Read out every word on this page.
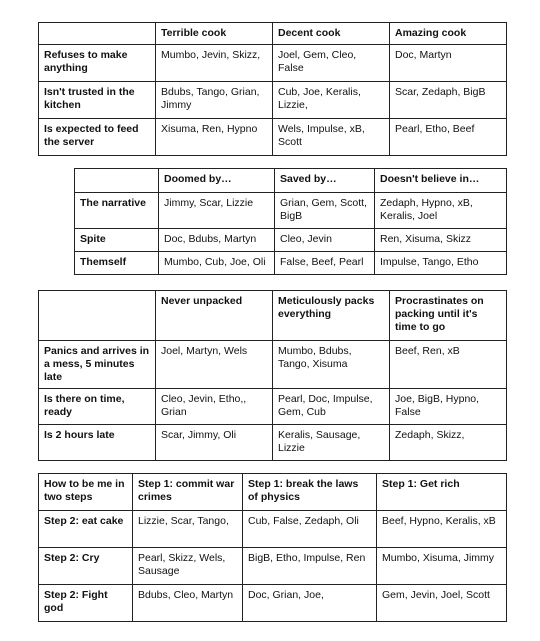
	Terrible cook	Decent cook	Amazing cook
Refuses to make anything	Mumbo, Jevin, Skizz,	Joel, Gem, Cleo, False	Doc, Martyn
Isn't trusted in the kitchen	Bdubs, Tango, Grian, Jimmy	Cub, Joe, Keralis, Lizzie,	Scar, Zedaph, BigB
Is expected to feed the server	Xisuma, Ren, Hypno	Wels, Impulse, xB, Scott	Pearl, Etho, Beef
	Doomed by…	Saved by…	Doesn't believe in…
The narrative	Jimmy, Scar, Lizzie	Grian, Gem, Scott, BigB	Zedaph, Hypno, xB, Keralis, Joel
Spite	Doc, Bdubs, Martyn	Cleo, Jevin	Ren, Xisuma, Skizz
Themself	Mumbo, Cub, Joe, Oli	False, Beef, Pearl	Impulse, Tango, Etho
	Never unpacked	Meticulously packs everything	Procrastinates on packing until it's time to go
Panics and arrives in a mess, 5 minutes late	Joel, Martyn, Wels	Mumbo, Bdubs, Tango, Xisuma	Beef, Ren, xB
Is there on time, ready	Cleo, Jevin, Etho,, Grian	Pearl, Doc, Impulse, Gem, Cub	Joe, BigB, Hypno, False
Is 2 hours late	Scar, Jimmy, Oli	Keralis, Sausage, Lizzie	Zedaph, Skizz,
How to be me in two steps	Step 1: commit war crimes	Step 1: break the laws of physics	Step 1: Get rich
Step 2: eat cake	Lizzie, Scar, Tango,	Cub, False, Zedaph, Oli	Beef, Hypno, Keralis, xB
Step 2: Cry	Pearl, Skizz, Wels, Sausage	BigB, Etho, Impulse, Ren	Mumbo, Xisuma, Jimmy
Step 2: Fight god	Bdubs, Cleo, Martyn	Doc, Grian, Joe,	Gem, Jevin, Joel, Scott
